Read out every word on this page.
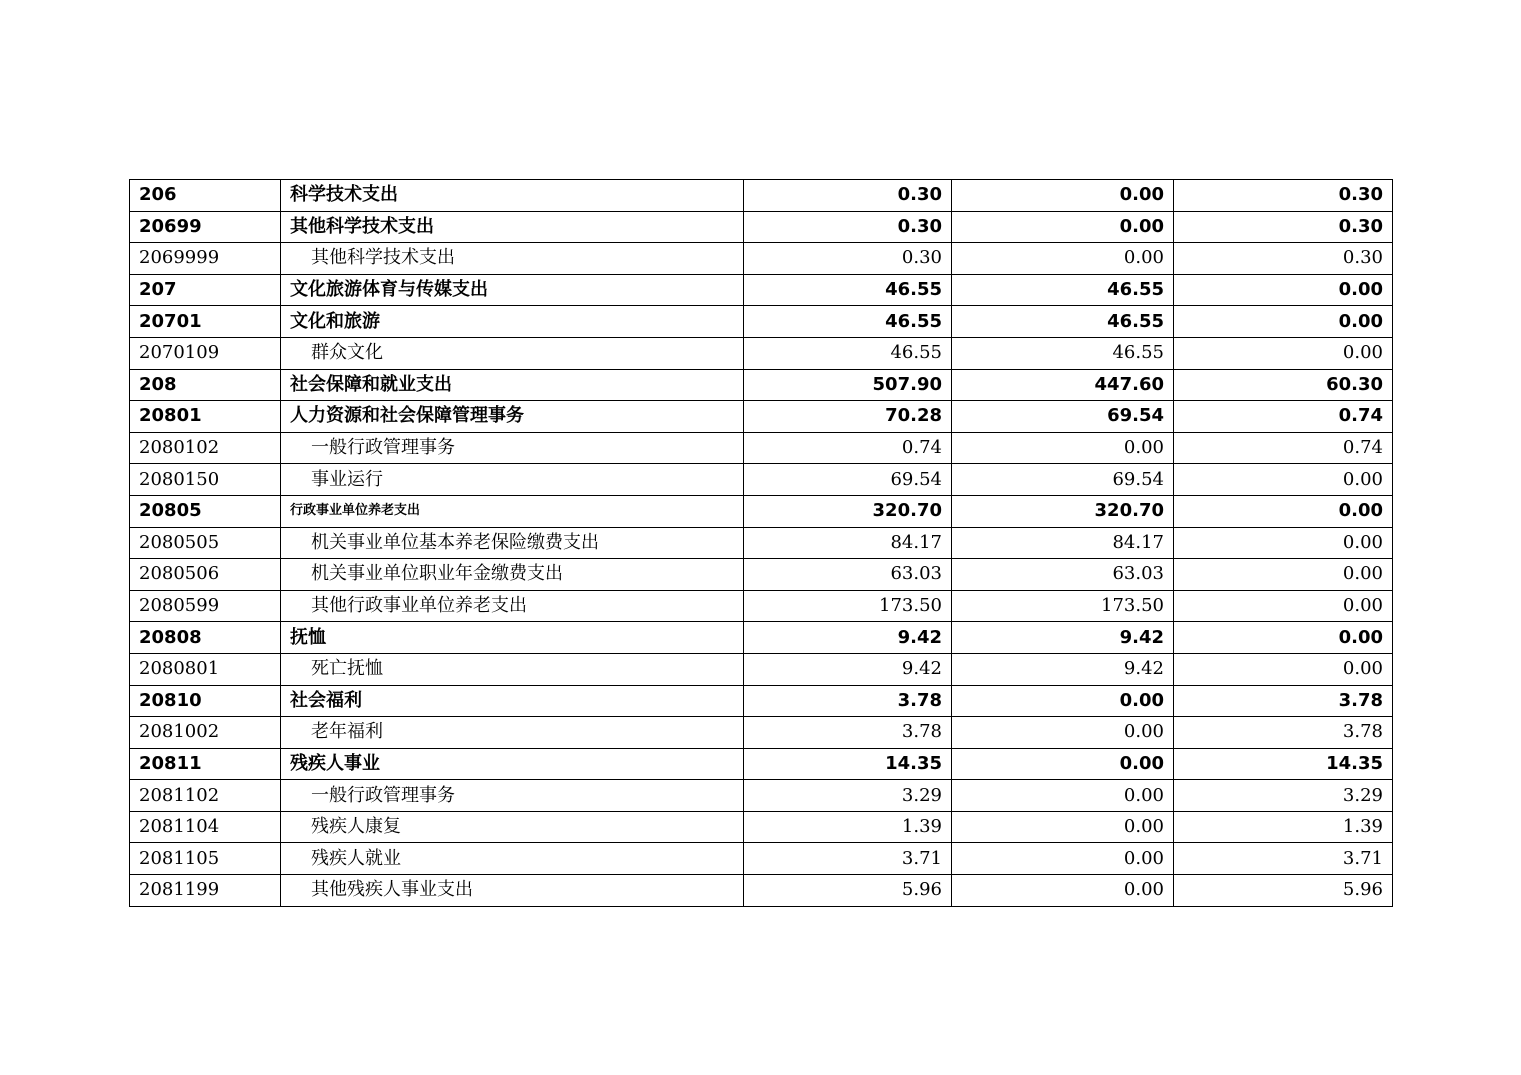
206	科学技术支出	0.30	0.00	0.30
20699	其他科学技术支出	0.30	0.00	0.30
2069999	其他科学技术支出	0.30	0.00	0.30
207	文化旅游体育与传媒支出	46.55	46.55	0.00
20701	文化和旅游	46.55	46.55	0.00
2070109	群众文化	46.55	46.55	0.00
208	社会保障和就业支出	507.90	447.60	60.30
20801	人力资源和社会保障管理事务	70.28	69.54	0.74
2080102	一般行政管理事务	0.74	0.00	0.74
2080150	事业运行	69.54	69.54	0.00
20805	行政事业单位养老支出	320.70	320.70	0.00
2080505	机关事业单位基本养老保险缴费支出	84.17	84.17	0.00
2080506	机关事业单位职业年金缴费支出	63.03	63.03	0.00
2080599	其他行政事业单位养老支出	173.50	173.50	0.00
20808	抚恤	9.42	9.42	0.00
2080801	死亡抚恤	9.42	9.42	0.00
20810	社会福利	3.78	0.00	3.78
2081002	老年福利	3.78	0.00	3.78
20811	残疾人事业	14.35	0.00	14.35
2081102	一般行政管理事务	3.29	0.00	3.29
2081104	残疾人康复	1.39	0.00	1.39
2081105	残疾人就业	3.71	0.00	3.71
2081199	其他残疾人事业支出	5.96	0.00	5.96
